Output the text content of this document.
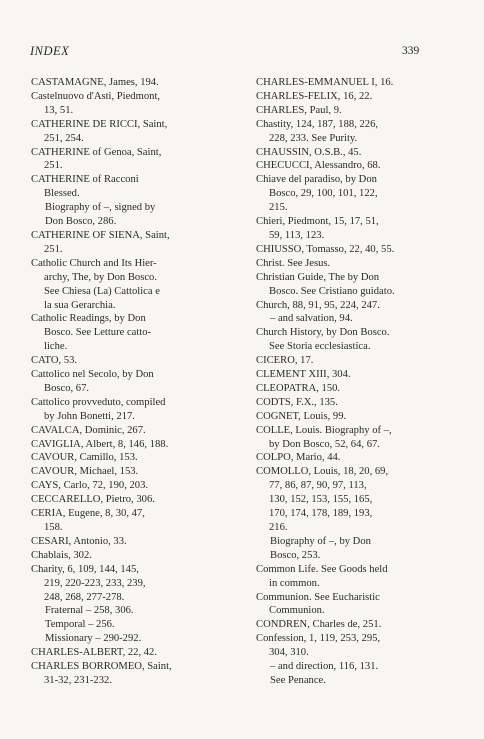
INDEX	339
CASTAMAGNE, James, 194.
Castelnuovo d'Asti, Piedmont,
13, 51.
CATHERINE DE RICCI, Saint,
251, 254.
CATHERINE of Genoa, Saint,
251.
CATHERINE of Racconi
Blessed.
Biography of –, signed by
Don Bosco, 286.
CATHERINE OF SIENA, Saint,
251.
Catholic Church and Its Hier-
archy, The, by Don Bosco.
See Chiesa (La) Cattolica e
la sua Gerarchia.
Catholic Readings, by Don
Bosco. See Letture catto-
liche.
CATO, 53.
Cattolico nel Secolo, by Don
Bosco, 67.
Cattolico provveduto, compiled
by John Bonetti, 217.
CAVALCA, Dominic, 267.
CAVIGLIA, Albert, 8, 146, 188.
CAVOUR, Camillo, 153.
CAVOUR, Michael, 153.
CAYS, Carlo, 72, 190, 203.
CECCARELLO, Pietro, 306.
CERIA, Eugene, 8, 30, 47,
158.
CESARI, Antonio, 33.
Chablais, 302.
Charity, 6, 109, 144, 145,
219, 220-223, 233, 239,
248, 268, 277-278.
Fraternal – 258, 306.
Temporal – 256.
Missionary – 290-292.
CHARLES-ALBERT, 22, 42.
CHARLES BORROMEO, Saint,
31-32, 231-232.
CHARLES-EMMANUEL I, 16.
CHARLES-FELIX, 16, 22.
CHARLES, Paul, 9.
Chastity, 124, 187, 188, 226,
228, 233. See Purity.
CHAUSSIN, O.S.B., 45.
CHECUCCI, Alessandro, 68.
Chiave del paradiso, by Don
Bosco, 29, 100, 101, 122,
215.
Chieri, Piedmont, 15, 17, 51,
59, 113, 123.
CHIUSSO, Tomasso, 22, 40, 55.
Christ. See Jesus.
Christian Guide, The by Don
Bosco. See Cristiano guidato.
Church, 88, 91, 95, 224, 247.
– and salvation, 94.
Church History, by Don Bosco.
See Storia ecclesiastica.
CICERO, 17.
CLEMENT XIII, 304.
CLEOPATRA, 150.
CODTS, F.X., 135.
COGNET, Louis, 99.
COLLE, Louis. Biography of –,
by Don Bosco, 52, 64, 67.
COLPO, Mario, 44.
COMOLLO, Louis, 18, 20, 69,
77, 86, 87, 90, 97, 113,
130, 152, 153, 155, 165,
170, 174, 178, 189, 193,
216.
Biography of –, by Don
Bosco, 253.
Common Life. See Goods held
in common.
Communion. See Eucharistic
Communion.
CONDREN, Charles de, 251.
Confession, 1, 119, 253, 295,
304, 310.
– and direction, 116, 131.
See Penance.
